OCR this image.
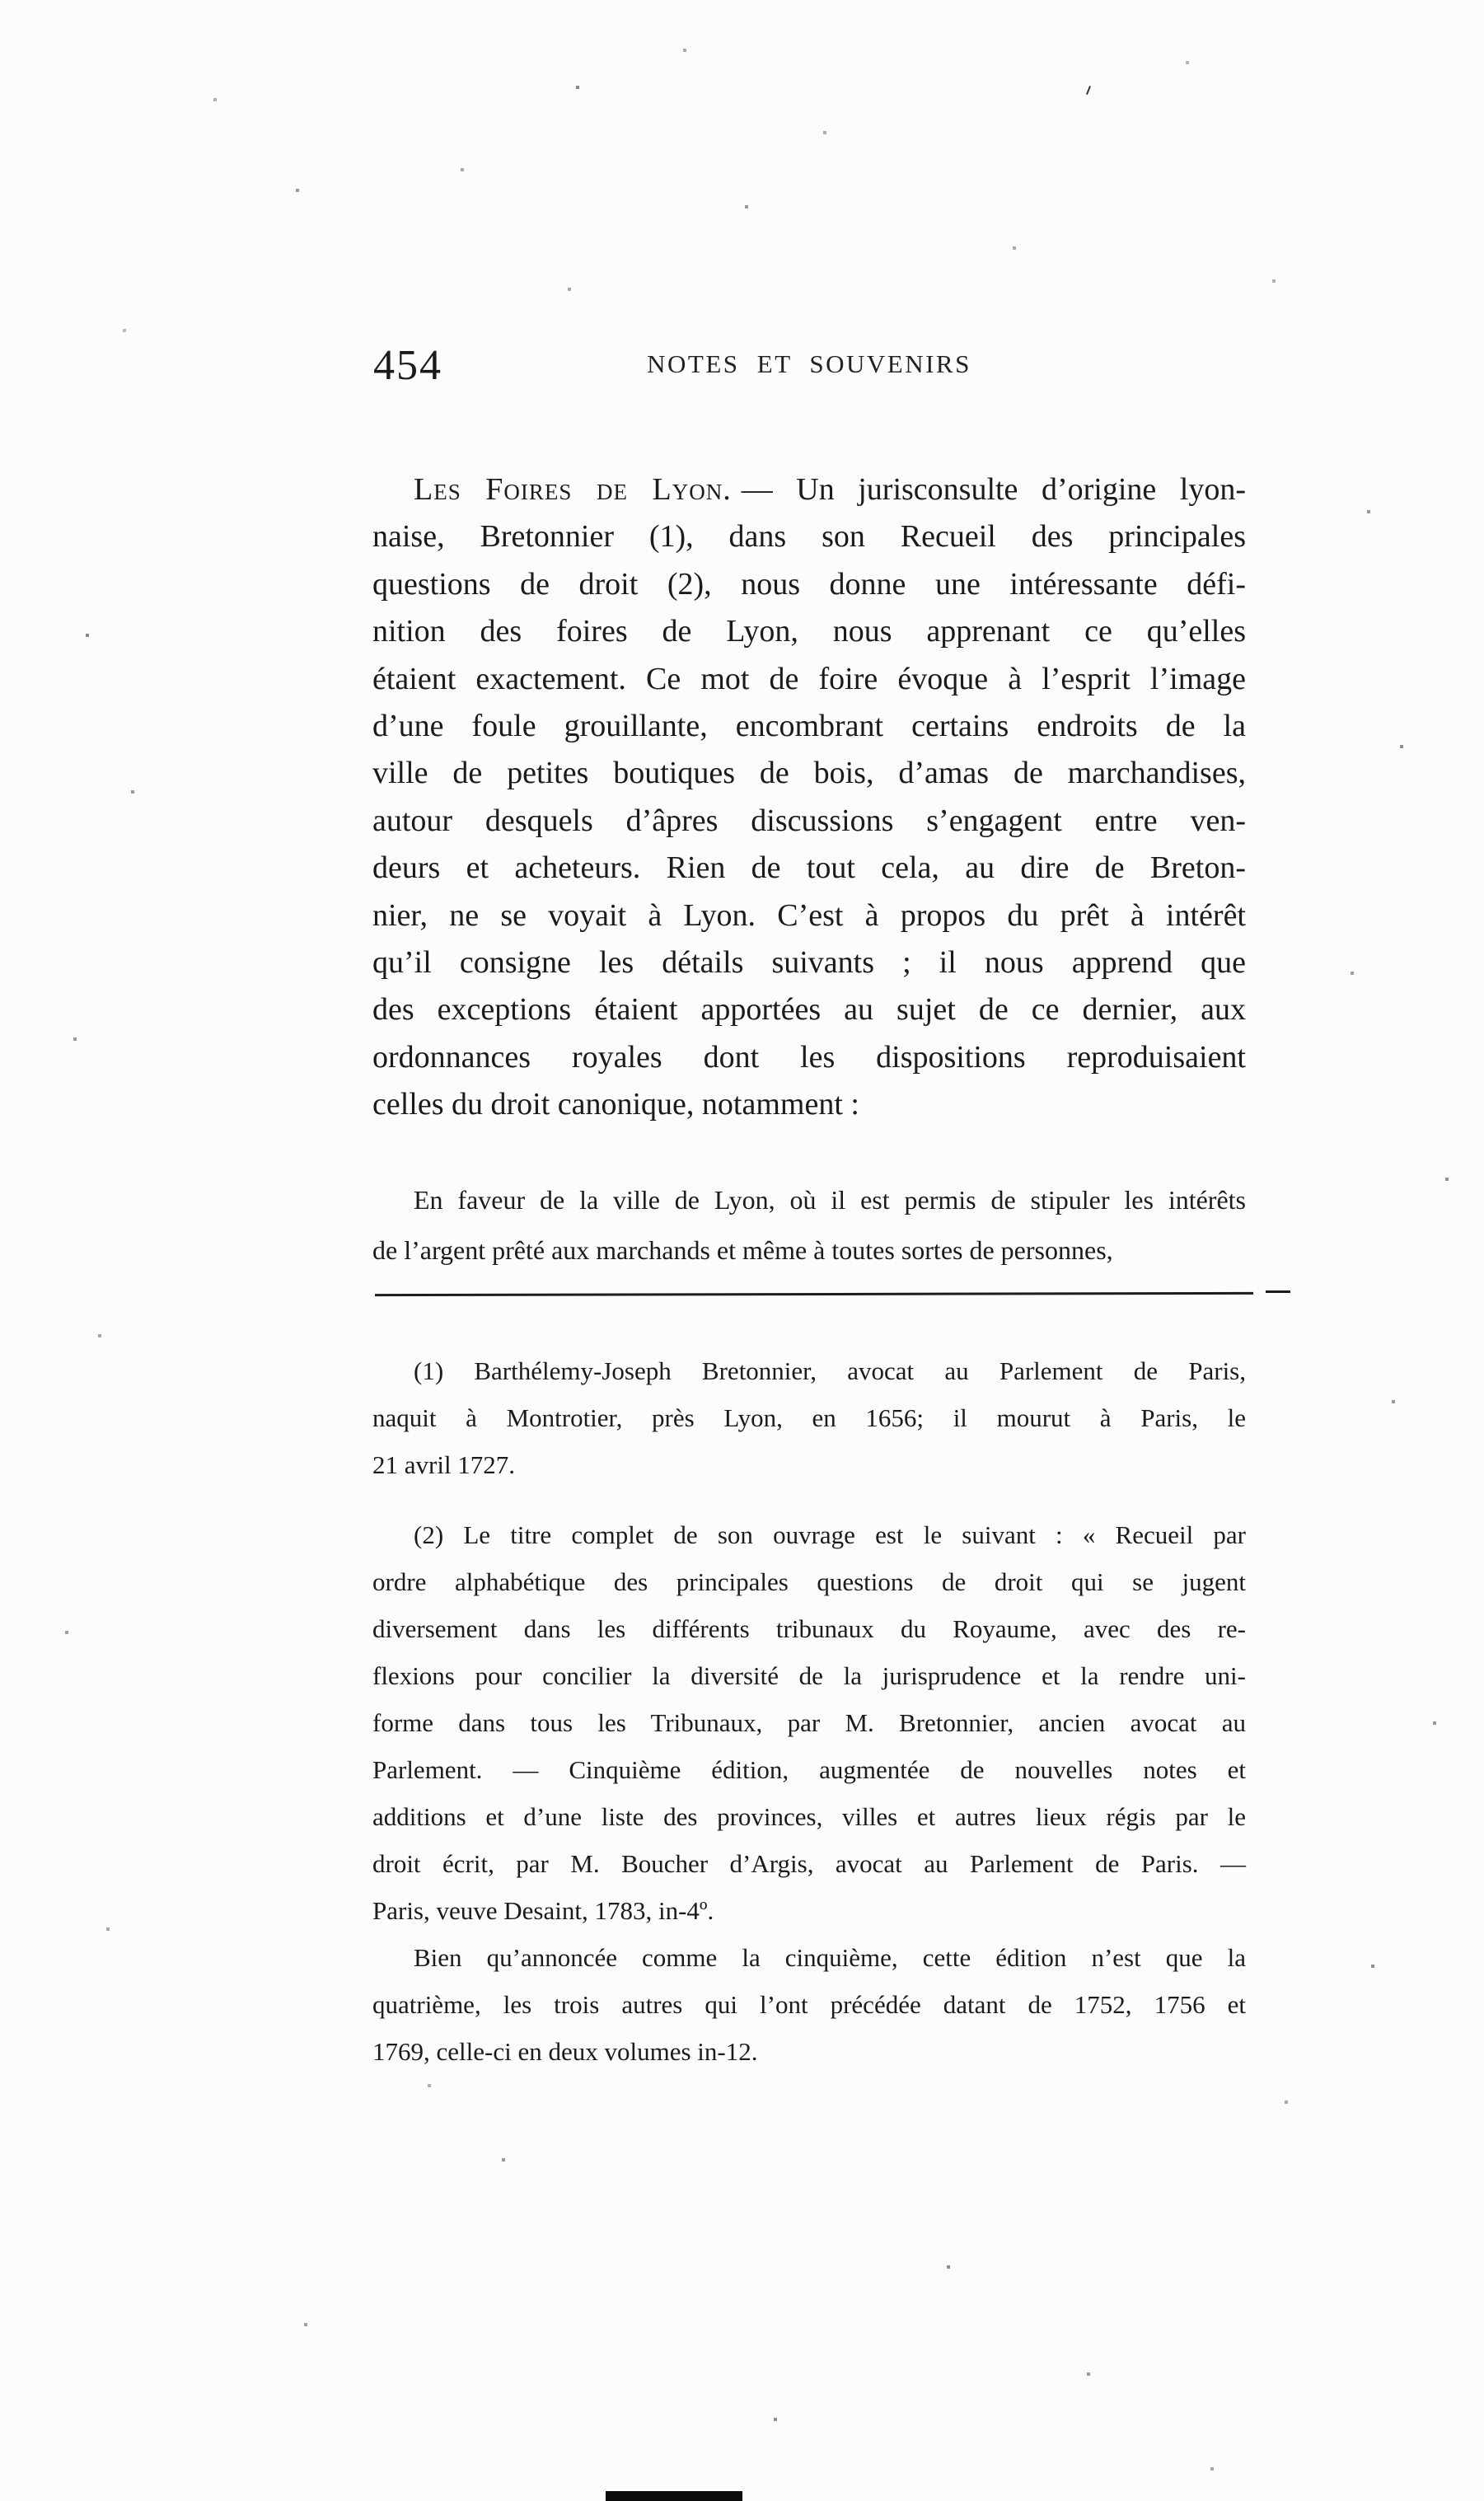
454	NOTES ET SOUVENIRS
Les Foires de Lyon. — Un jurisconsulte d’origine lyon-
naise, Bretonnier (1), dans son Recueil des principales
questions de droit (2), nous donne une intéressante défi-
nition des foires de Lyon, nous apprenant ce qu’elles
étaient exactement. Ce mot de foire évoque à l’esprit l’image
d’une foule grouillante, encombrant certains endroits de la
ville de petites boutiques de bois, d’amas de marchandises,
autour desquels d’âpres discussions s’engagent entre ven-
deurs et acheteurs. Rien de tout cela, au dire de Breton-
nier, ne se voyait à Lyon. C’est à propos du prêt à intérêt
qu’il consigne les détails suivants ; il nous apprend que
des exceptions étaient apportées au sujet de ce dernier, aux
ordonnances royales dont les dispositions reproduisaient
celles du droit canonique, notamment :
En faveur de la ville de Lyon, où il est permis de stipuler les intérêts
de l’argent prêté aux marchands et même à toutes sortes de personnes,
(1) Barthélemy-Joseph Bretonnier, avocat au Parlement de Paris,
naquit à Montrotier, près Lyon, en 1656; il mourut à Paris, le
21 avril 1727.
(2) Le titre complet de son ouvrage est le suivant : « Recueil par
ordre alphabétique des principales questions de droit qui se jugent
diversement dans les différents tribunaux du Royaume, avec des re-
flexions pour concilier la diversité de la jurisprudence et la rendre uni-
forme dans tous les Tribunaux, par M. Bretonnier, ancien avocat au
Parlement. — Cinquième édition, augmentée de nouvelles notes et
additions et d’une liste des provinces, villes et autres lieux régis par le
droit écrit, par M. Boucher d’Argis, avocat au Parlement de Paris. —
Paris, veuve Desaint, 1783, in-4º.
Bien qu’annoncée comme la cinquième, cette édition n’est que la
quatrième, les trois autres qui l’ont précédée datant de 1752, 1756 et
1769, celle-ci en deux volumes in-12.
